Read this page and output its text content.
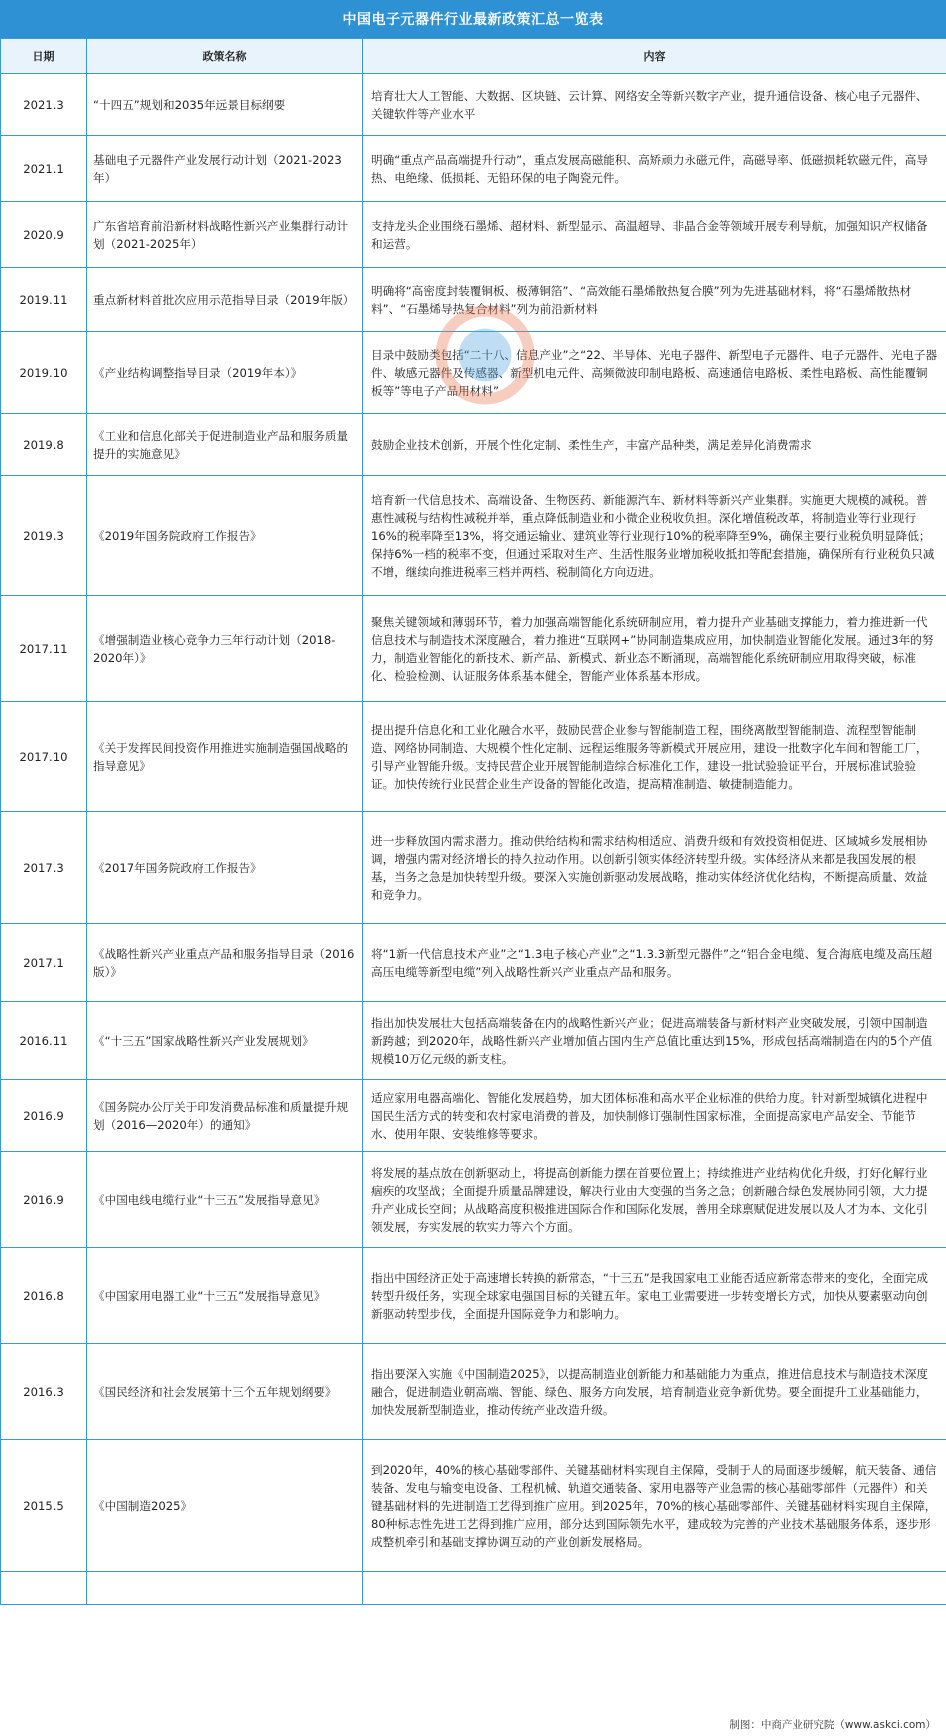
中国电子元器件行业最新政策汇总一览表
日期	政策名称	内容
2021.3	“十四五”规划和2035年远景目标纲要	培育壮大人工智能、大数据、区块链、云计算、网络安全等新兴数字产业，提升通信设备、核心电子元器件、关键软件等产业水平
2021.1	基础电子元器件产业发展行动计划（2021-2023年）	明确“重点产品高端提升行动”，重点发展高磁能积、高矫顽力永磁元件，高磁导率、低磁损耗软磁元件，高导热、电绝缘、低损耗、无铅环保的电子陶瓷元件。
2020.9	广东省培育前沿新材料战略性新兴产业集群行动计划（2021-2025年）	支持龙头企业围绕石墨烯、超材料、新型显示、高温超导、非晶合金等领域开展专利导航，加强知识产权储备和运营。
2019.11	重点新材料首批次应用示范指导目录（2019年版）	明确将“高密度封装覆铜板、极薄铜箔”、“高效能石墨烯散热复合膜”列为先进基础材料，将“石墨烯散热材料”、“石墨烯导热复合材料”列为前沿新材料
2019.10	《产业结构调整指导目录（2019年本）》	目录中鼓励类包括“二十八、信息产业”之“22、半导体、光电子器件、新型电子元器件、电子元器件、光电子器件、敏感元器件及传感器、新型机电元件、高频微波印制电路板、高速通信电路板、柔性电路板、高性能覆铜板等”等电子产品用材料”
2019.8	《工业和信息化部关于促进制造业产品和服务质量提升的实施意见》	鼓励企业技术创新，开展个性化定制、柔性生产，丰富产品种类，满足差异化消费需求
2019.3	《2019年国务院政府工作报告》	培育新一代信息技术、高端设备、生物医药、新能源汽车、新材料等新兴产业集群。实施更大规模的减税。普惠性减税与结构性减税并举，重点降低制造业和小微企业税收负担。深化增值税改革，将制造业等行业现行16%的税率降至13%，将交通运输业、建筑业等行业现行10%的税率降至9%，确保主要行业税负明显降低；保持6%一档的税率不变，但通过采取对生产、生活性服务业增加税收抵扣等配套措施，确保所有行业税负只减不增，继续向推进税率三档并两档、税制简化方向迈进。
2017.11	《增强制造业核心竞争力三年行动计划（2018-2020年）》	聚焦关键领域和薄弱环节，着力加强高端智能化系统研制应用，着力提升产业基础支撑能力，着力推进新一代信息技术与制造技术深度融合，着力推进“互联网+”协同制造集成应用，加快制造业智能化发展。通过3年的努力，制造业智能化的新技术、新产品、新模式、新业态不断涌现，高端智能化系统研制应用取得突破，标准化、检验检测、认证服务体系基本健全，智能产业体系基本形成。
2017.10	《关于发挥民间投资作用推进实施制造强国战略的指导意见》	提出提升信息化和工业化融合水平，鼓励民营企业参与智能制造工程，围绕离散型智能制造、流程型智能制造、网络协同制造、大规模个性化定制、远程运维服务等新模式开展应用，建设一批数字化车间和智能工厂，引导产业智能升级。支持民营企业开展智能制造综合标准化工作，建设一批试验验证平台，开展标准试验验证。加快传统行业民营企业生产设备的智能化改造，提高精准制造、敏捷制造能力。
2017.3	《2017年国务院政府工作报告》	进一步释放国内需求潜力。推动供给结构和需求结构相适应、消费升级和有效投资相促进、区域城乡发展相协调，增强内需对经济增长的持久拉动作用。以创新引领实体经济转型升级。实体经济从来都是我国发展的根基，当务之急是加快转型升级。要深入实施创新驱动发展战略，推动实体经济优化结构，不断提高质量、效益和竞争力。
2017.1	《战略性新兴产业重点产品和服务指导目录（2016版）》	将“1新一代信息技术产业”之“1.3电子核心产业”之“1.3.3新型元器件”之“铝合金电缆、复合海底电缆及高压超高压电缆等新型电缆”列入战略性新兴产业重点产品和服务。
2016.11	《“十三五”国家战略性新兴产业发展规划》	指出加快发展壮大包括高端装备在内的战略性新兴产业；促进高端装备与新材料产业突破发展，引领中国制造新跨越；到2020年，战略性新兴产业增加值占国内生产总值比重达到15%，形成包括高端制造在内的5个产值规模10万亿元级的新支柱。
2016.9	《国务院办公厅关于印发消费品标准和质量提升规划（2016—2020年）的通知》	适应家用电器高端化、智能化发展趋势，加大团体标准和高水平企业标准的供给力度。针对新型城镇化进程中国民生活方式的转变和农村家电消费的普及，加快制修订强制性国家标准，全面提高家电产品安全、节能节水、使用年限、安装维修等要求。
2016.9	《中国电线电缆行业“十三五”发展指导意见》	将发展的基点放在创新驱动上，将提高创新能力摆在首要位置上；持续推进产业结构优化升级，打好化解行业痼疾的攻坚战；全面提升质量品牌建设，解决行业由大变强的当务之急；创新融合绿色发展协同引领，大力提升产业成长空间；从战略高度积极推进国际合作和国际化发展，善用全球禀赋促进发展以及人才为本、文化引领发展，夯实发展的软实力等六个方面。
2016.8	《中国家用电器工业“十三五”发展指导意见》	指出中国经济正处于高速增长转换的新常态，“十三五”是我国家电工业能否适应新常态带来的变化，全面完成转型升级任务，实现全球家电强国目标的关键五年。家电工业需要进一步转变增长方式，加快从要素驱动向创新驱动转型步伐，全面提升国际竞争力和影响力。
2016.3	《国民经济和社会发展第十三个五年规划纲要》	指出要深入实施《中国制造2025》，以提高制造业创新能力和基础能力为重点，推进信息技术与制造技术深度融合，促进制造业朝高端、智能、绿色、服务方向发展，培育制造业竞争新优势。要全面提升工业基础能力，加快发展新型制造业，推动传统产业改造升级。
2015.5	《中国制造2025》	到2020年，40%的核心基础零部件、关键基础材料实现自主保障，受制于人的局面逐步缓解，航天装备、通信装备、发电与输变电设备、工程机械、轨道交通装备、家用电器等产业急需的核心基础零部件（元器件）和关键基础材料的先进制造工艺得到推广应用。到2025年，70%的核心基础零部件、关键基础材料实现自主保障，80种标志性先进工艺得到推广应用，部分达到国际领先水平，建成较为完善的产业技术基础服务体系，逐步形成整机牵引和基础支撑协调互动的产业创新发展格局。

制图：中商产业研究院（www.askci.com）
